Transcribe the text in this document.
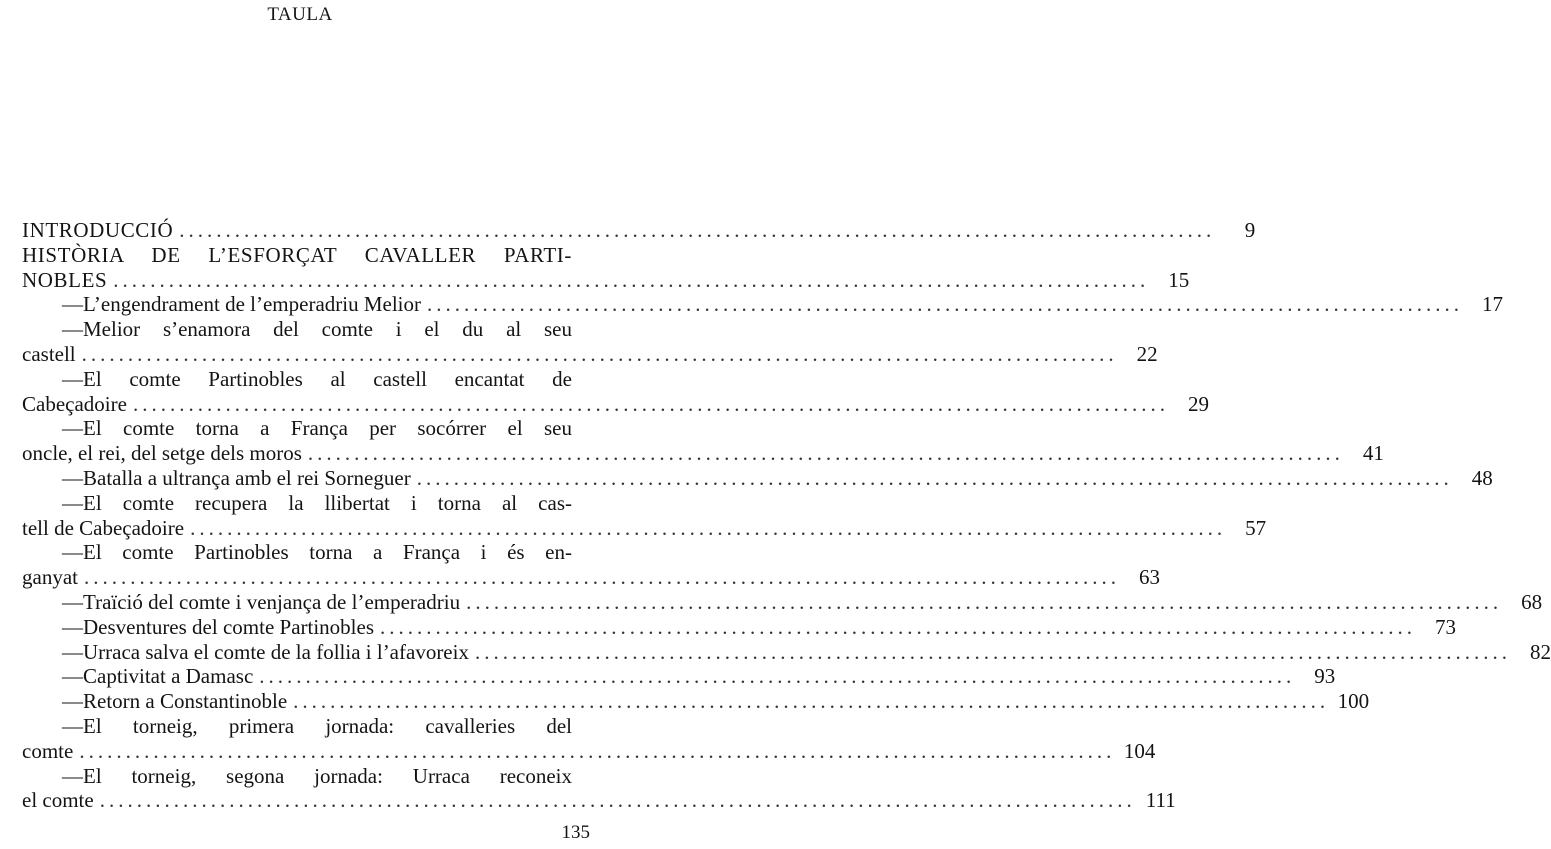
TAULA
INTRODUCCIÓ ................................................................................................................	9
HISTÒRIA DE L’ESFORÇAT CAVALLER PARTI-
NOBLES ................................................................................................................ 15
—L’engendrament de l’emperadriu Melior ................................................................................................................ 17
—Melior s’enamora del comte i el du al seu
castell ................................................................................................................ 22
—El comte Partinobles al castell encantat de
Cabeçadoire ................................................................................................................ 29
—El comte torna a França per socórrer el seu
oncle, el rei, del setge dels moros ................................................................................................................ 41
—Batalla a ultrança amb el rei Sorneguer ................................................................................................................ 48
—El comte recupera la llibertat i torna al cas-
tell de Cabeçadoire ................................................................................................................ 57
—El comte Partinobles torna a França i és en-
ganyat ................................................................................................................ 63
—Traïció del comte i venjança de l’emperadriu ................................................................................................................ 68
—Desventures del comte Partinobles ................................................................................................................ 73
—Urraca salva el comte de la follia i l’afavoreix ................................................................................................................ 82
—Captivitat a Damasc ................................................................................................................ 93
—Retorn a Constantinoble ................................................................................................................ 100
—El torneig, primera jornada: cavalleries del
comte ................................................................................................................ 104
—El torneig, segona jornada: Urraca reconeix
el comte ................................................................................................................ 111
135
